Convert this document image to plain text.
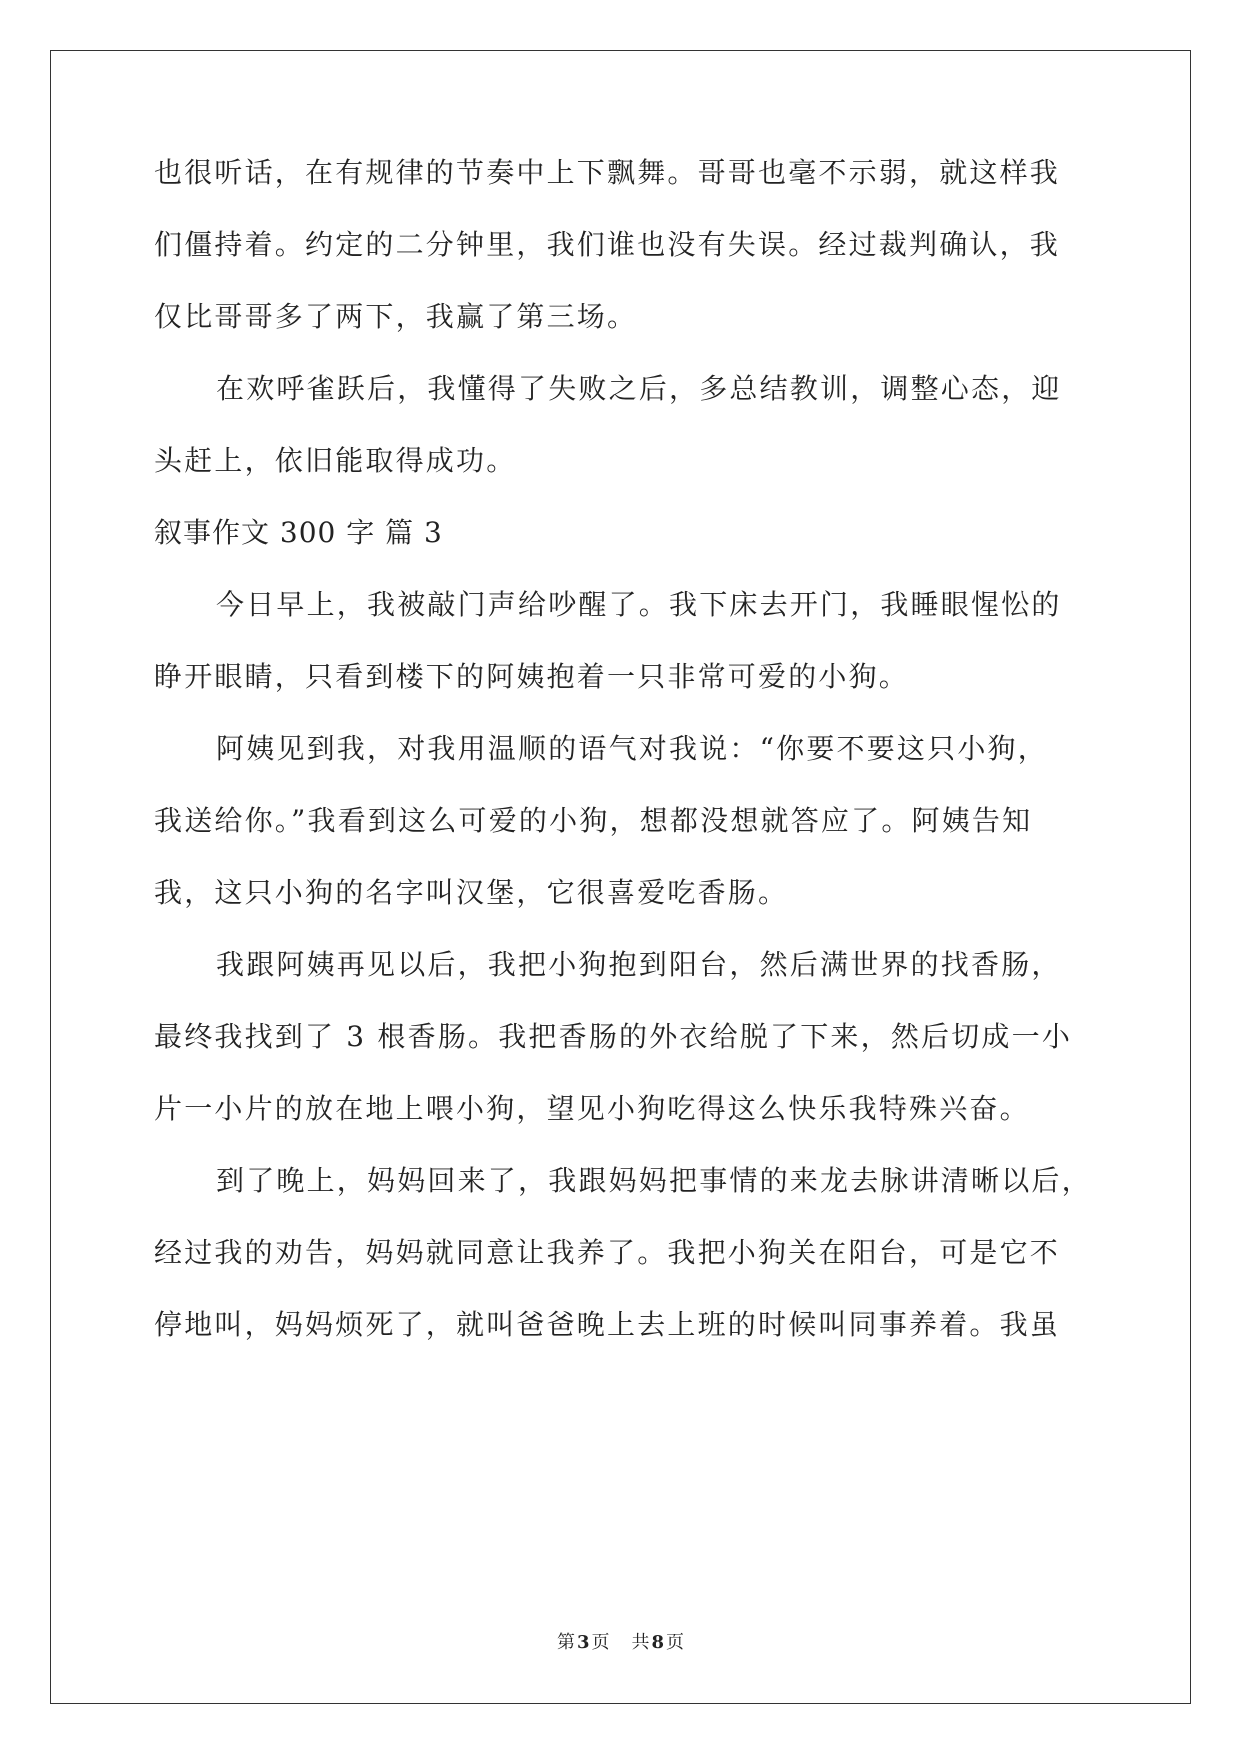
也很听话，在有规律的节奏中上下飘舞。哥哥也毫不示弱，就这样我
们僵持着。约定的二分钟里，我们谁也没有失误。经过裁判确认，我
仅比哥哥多了两下，我赢了第三场。
在欢呼雀跃后，我懂得了失败之后，多总结教训，调整心态，迎
头赶上，依旧能取得成功。
叙事作文 300 字 篇 3
今日早上，我被敲门声给吵醒了。我下床去开门，我睡眼惺忪的
睁开眼睛，只看到楼下的阿姨抱着一只非常可爱的小狗。
阿姨见到我，对我用温顺的语气对我说：“你要不要这只小狗，
我送给你。”我看到这么可爱的小狗，想都没想就答应了。阿姨告知
我，这只小狗的名字叫汉堡，它很喜爱吃香肠。
我跟阿姨再见以后，我把小狗抱到阳台，然后满世界的找香肠，
最终我找到了 3 根香肠。我把香肠的外衣给脱了下来，然后切成一小
片一小片的放在地上喂小狗，望见小狗吃得这么快乐我特殊兴奋。
到了晚上，妈妈回来了，我跟妈妈把事情的来龙去脉讲清晰以后，
经过我的劝告，妈妈就同意让我养了。我把小狗关在阳台，可是它不
停地叫，妈妈烦死了，就叫爸爸晚上去上班的时候叫同事养着。我虽
第 3 页 共 8 页
